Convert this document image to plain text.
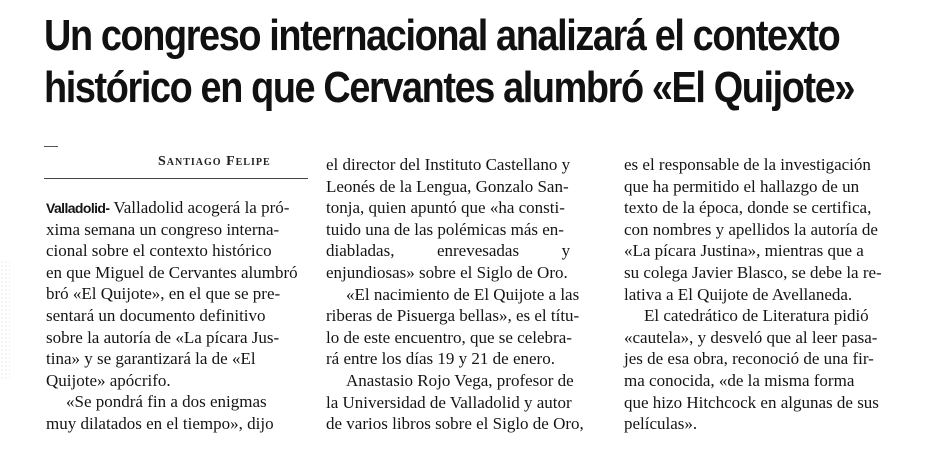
Un congreso internacional analizará el contexto
histórico en que Cervantes alumbró «El Quijote»
Santiago Felipe
Valladolid- Valladolid acogerá la pró-
xima semana un congreso interna-
cional sobre el contexto histórico
en que Miguel de Cervantes alumbró
bró «El Quijote», en el que se pre-
sentará un documento definitivo
sobre la autoría de «La pícara Jus-
tina» y se garantizará la de «El
Quijote» apócrifo.
«Se pondrá fin a dos enigmas
muy dilatados en el tiempo», dijo
el director del Instituto Castellano y
Leonés de la Lengua, Gonzalo San-
tonja, quien apuntó que «ha consti-
tuido una de las polémicas más en-
diabladas,          enrevesadas          y
enjundiosas» sobre el Siglo de Oro.
«El nacimiento de El Quijote a las
riberas de Pisuerga bellas», es el títu-
lo de este encuentro, que se celebra-
rá entre los días 19 y 21 de enero.
Anastasio Rojo Vega, profesor de
la Universidad de Valladolid y autor
de varios libros sobre el Siglo de Oro,
es el responsable de la investigación
que ha permitido el hallazgo de un
texto de la época, donde se certifica,
con nombres y apellidos la autoría de
«La pícara Justina», mientras que a
su colega Javier Blasco, se debe la re-
lativa a El Quijote de Avellaneda.
El catedrático de Literatura pidió
«cautela», y desveló que al leer pasa-
jes de esa obra, reconoció de una fir-
ma conocida, «de la misma forma
que hizo Hitchcock en algunas de sus
películas».
